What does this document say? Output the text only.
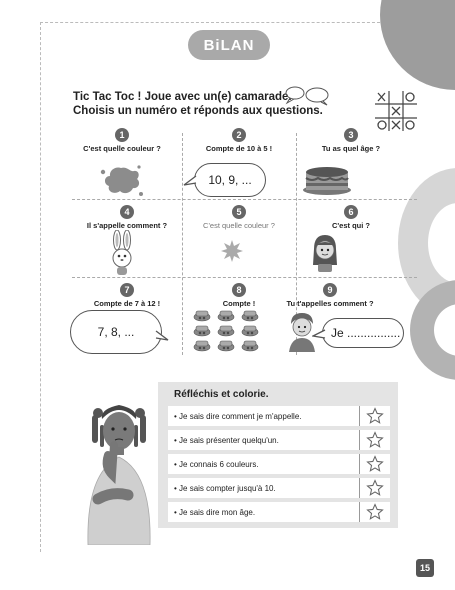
BiLAN
Tic Tac Toc ! Joue avec un(e) camarade.
Choisis un numéro et réponds aux questions.
1
C'est quelle couleur ?
2
Compte de 10 à 5 !
10, 9, ...
3
Tu as quel âge ?
4
Il s'appelle comment ?
5
C'est quelle couleur ?
6
C'est qui ?
7
Compte de 7 à 12 !
7, 8, ...
8
Compte !
9
Tu t'appelles comment ?
Je ................
Réfléchis et colorie.
• Je sais dire comment je m'appelle.
• Je sais présenter quelqu'un.
• Je connais 6 couleurs.
• Je sais compter jusqu'à 10.
• Je sais dire mon âge.
15
